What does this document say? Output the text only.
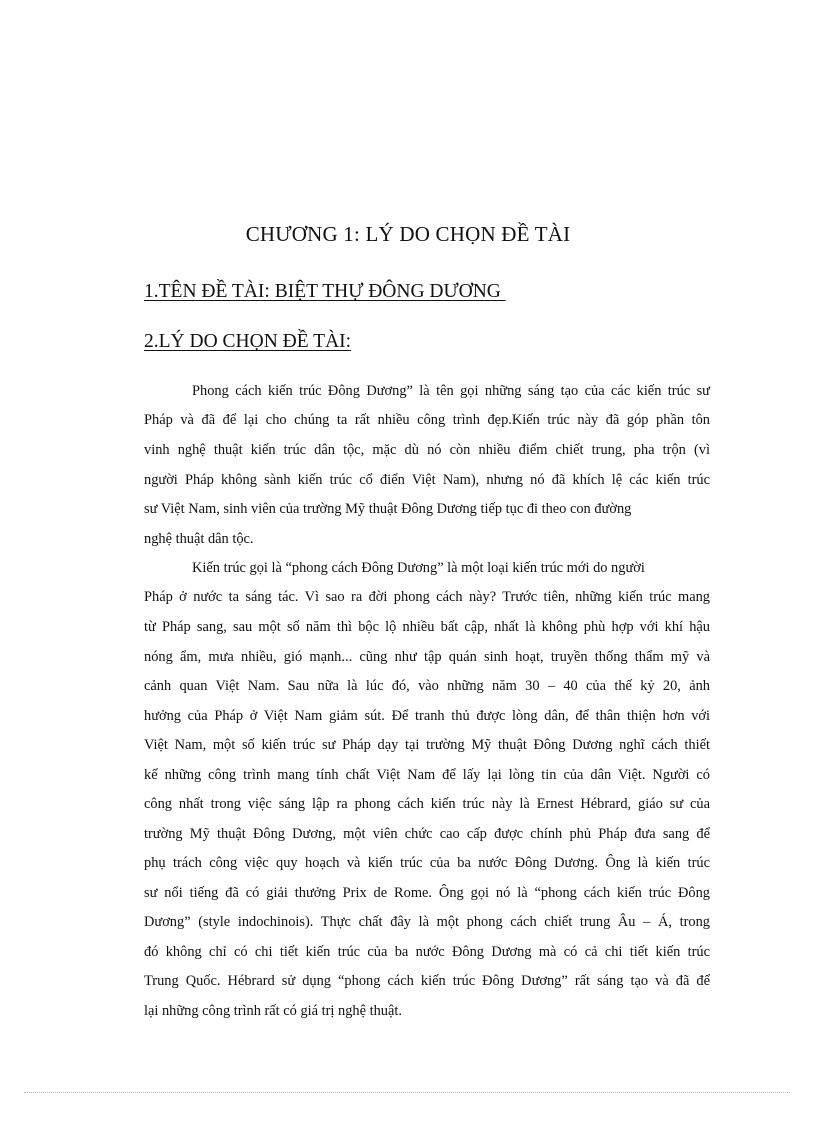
CHƯƠNG 1: LÝ DO CHỌN ĐỀ TÀI
1.TÊN ĐỀ TÀI: BIỆT THỰ ĐÔNG DƯƠNG
2.LÝ DO CHỌN ĐỀ TÀI:
Phong cách kiến trúc Đông Dương” là tên gọi những sáng tạo của các kiến trúc sư
Pháp và đã để lại cho chúng ta rất nhiều công trình đẹp.Kiến trúc này đã góp phần tôn
vinh nghệ thuật kiến trúc dân tộc, mặc dù nó còn nhiều điểm chiết trung, pha trộn (vì
người Pháp không sành kiến trúc cổ điển Việt Nam), nhưng nó đã khích lệ các kiến trúc
sư Việt Nam, sinh viên của trường Mỹ thuật Đông Dương tiếp tục đi theo con đường
nghệ thuật dân tộc.
Kiến trúc gọi là “phong cách Đông Dương” là một loại kiến trúc mới do người
Pháp ở nước ta sáng tác. Vì sao ra đời phong cách này? Trước tiên, những kiến trúc mang
từ Pháp sang, sau một số năm thì bộc lộ nhiều bất cập, nhất là không phù hợp với khí hậu
nóng ẩm, mưa nhiều, gió mạnh... cũng như tập quán sinh hoạt, truyền thống thẩm mỹ và
cảnh quan Việt Nam. Sau nữa là lúc đó, vào những năm 30 – 40 của thế kỷ 20, ảnh
hưởng của Pháp ở Việt Nam giảm sút. Để tranh thủ được lòng dân, để thân thiện hơn với
Việt Nam, một số kiến trúc sư Pháp dạy tại trường Mỹ thuật Đông Dương nghĩ cách thiết
kế những công trình mang tính chất Việt Nam để lấy lại lòng tin của dân Việt. Người có
công nhất trong việc sáng lập ra phong cách kiến trúc này là Ernest Hébrard, giáo sư của
trường Mỹ thuật Đông Dương, một viên chức cao cấp được chính phủ Pháp đưa sang để
phụ trách công việc quy hoạch và kiến trúc của ba nước Đông Dương. Ông là kiến trúc
sư nổi tiếng đã có giải thưởng Prix de Rome. Ông gọi nó là “phong cách kiến trúc Đông
Dương” (style indochinois). Thực chất đây là một phong cách chiết trung Âu – Á, trong
đó không chỉ có chi tiết kiến trúc của ba nước Đông Dương mà có cả chi tiết kiến trúc
Trung Quốc. Hébrard sử dụng “phong cách kiến trúc Đông Dương” rất sáng tạo và đã để
lại những công trình rất có giá trị nghệ thuật.
